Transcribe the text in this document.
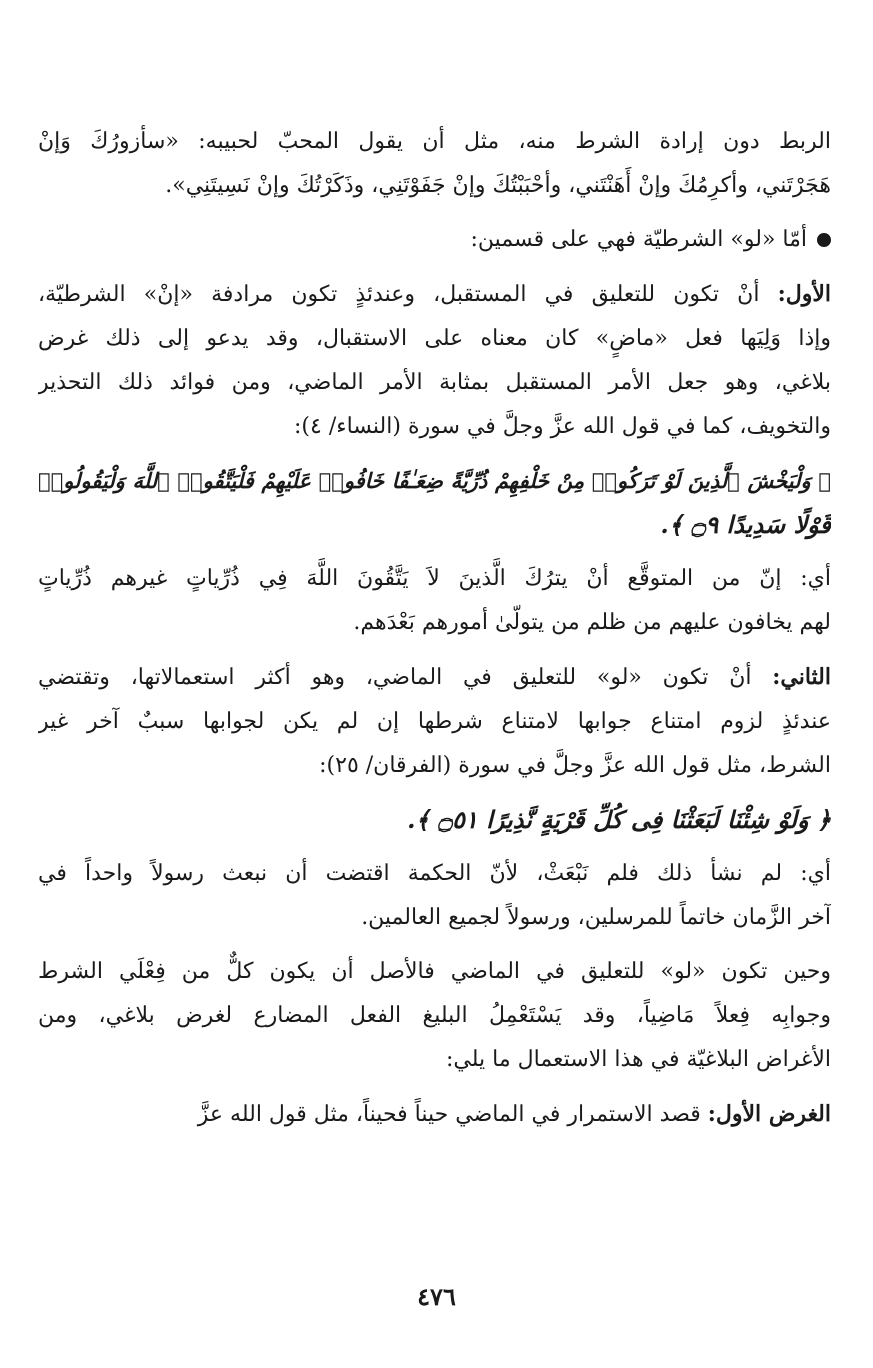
الربط دون إرادة الشرط منه، مثل أن يقول المحبّ لحبيبه: «سأزورُكَ وَإنْ
هَجَرْتَني، وأكرِمُكَ وإنْ أَهَنْتَني، وأحْبَبْتُكَ وإنْ جَفَوْتَنِي، وذَكَرْتُكَ وإنْ نَسِيتَنِي».
أمّا «لو» الشرطيّة فهي على قسمين:
الأول: أنْ تكون للتعليق في المستقبل، وعندئذٍ تكون مرادفة «إنْ» الشرطيّة،
وإذا وَلِيَها فعل «ماضٍ» كان معناه على الاستقبال، وقد يدعو إلى ذلك غرض
بلاغي، وهو جعل الأمر المستقبل بمثابة الأمر الماضي، ومن فوائد ذلك التحذير
والتخويف، كما في قول الله عزَّ وجلَّ في سورة (النساء/ ٤):
﴿ وَلْيَخْشَ ٱلَّذِينَ لَوْ تَرَكُوا۟ مِنْ خَلْفِهِمْ ذُرِّيَّةً ضِعَـٰفًا خَافُوا۟ عَلَيْهِمْ فَلْيَتَّقُوا۟ ٱللَّهَ وَلْيَقُولُوا۟
قَوْلًا سَدِيدًا ۝٩ ﴾.
أي: إنّ من المتوقَّع أنْ يترُكَ الَّذينَ لاَ يَتَّقُونَ اللَّهَ فِي ذُرِّياتٍ غيرهم ذُرِّياتٍ
لهم يخافون عليهم من ظلم من يتولّىٰ أمورهم بَعْدَهم.
الثاني: أنْ تكون «لو» للتعليق في الماضي، وهو أكثر استعمالاتها، وتقتضي
عندئذٍ لزوم امتناع جوابها لامتناع شرطها إن لم يكن لجوابها سببٌ آخر غير
الشرط، مثل قول الله عزَّ وجلَّ في سورة (الفرقان/ ٢٥):
﴿ وَلَوْ شِئْنَا لَبَعَثْنَا فِى كُلِّ قَرْيَةٍ نَّذِيرًا ۝٥١ ﴾.
أي: لم نشأ ذلك فلم نَبْعَثْ، لأنّ الحكمة اقتضت أن نبعث رسولاً واحداً في
آخر الزَّمان خاتماً للمرسلين، ورسولاً لجميع العالمين.
وحين تكون «لو» للتعليق في الماضي فالأصل أن يكون كلٌّ من فِعْلَي الشرط
وجوابِه فِعلاً مَاضِياً، وقد يَسْتَعْمِلُ البليغ الفعل المضارع لغرض بلاغي، ومن
الأغراض البلاغيّة في هذا الاستعمال ما يلي:
الغرض الأول: قصد الاستمرار في الماضي حيناً فحيناً، مثل قول الله عزَّ
٤٧٦
